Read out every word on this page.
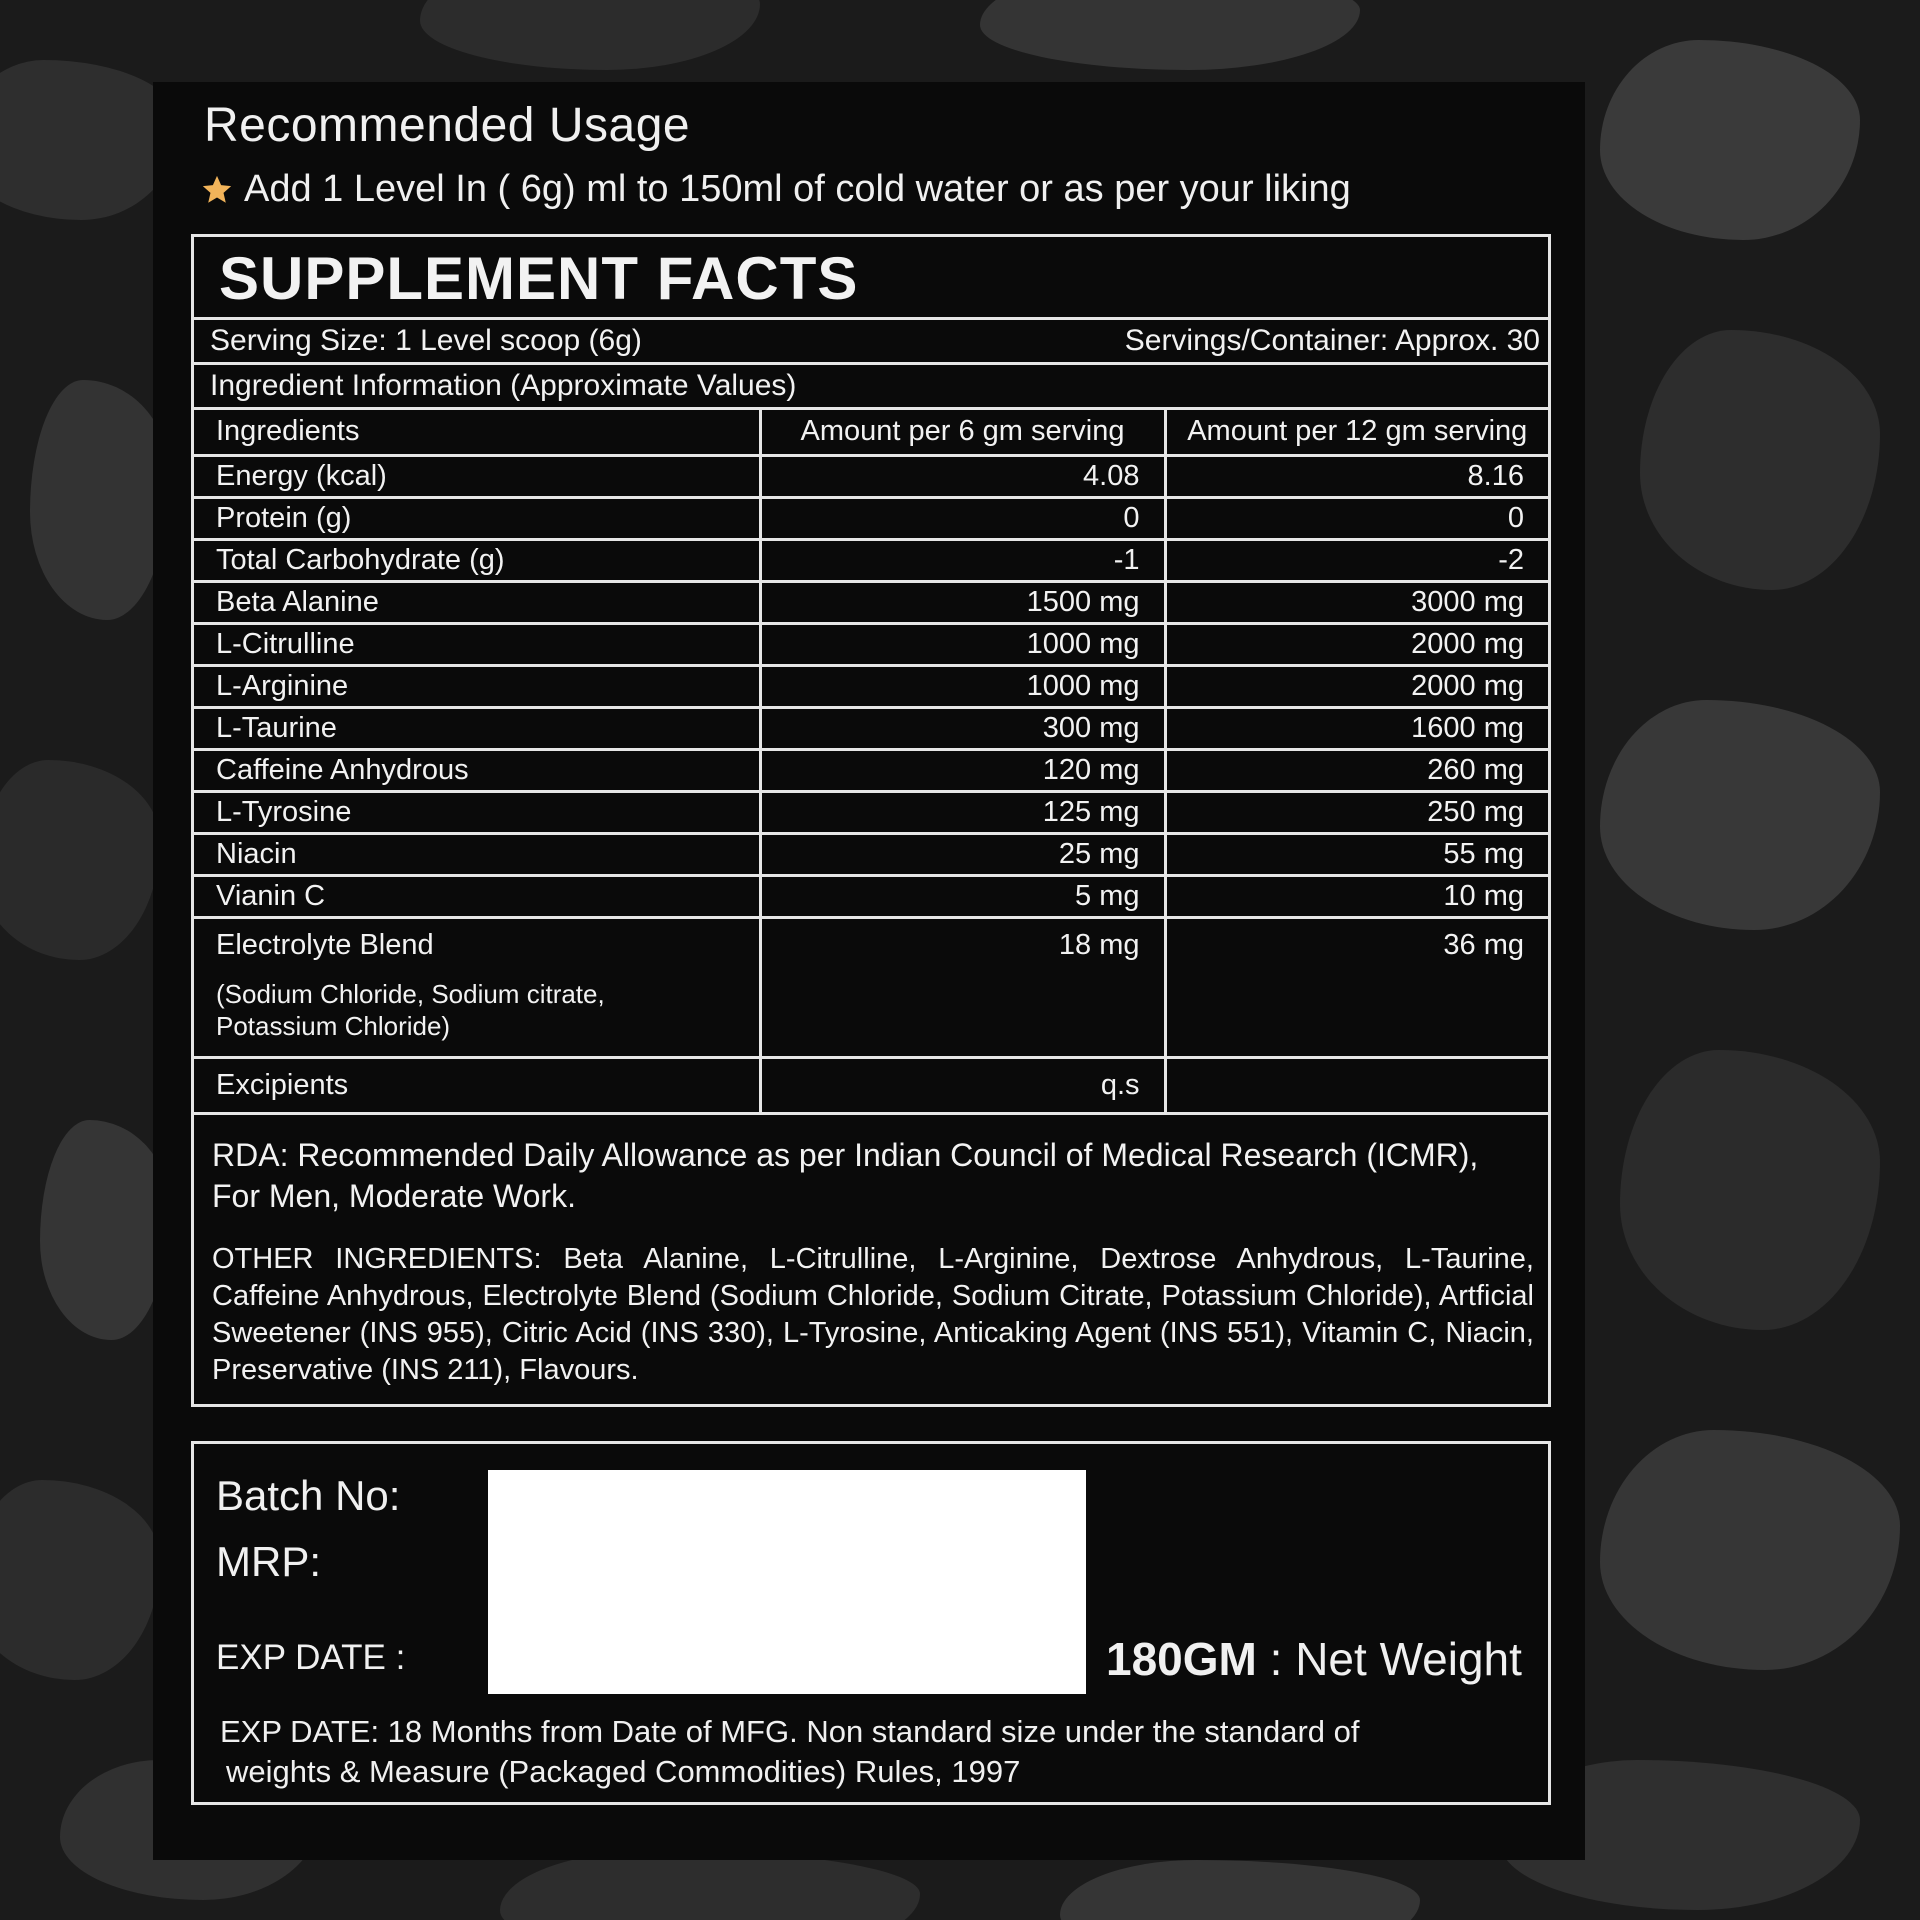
Recommended Usage
Add 1 Level In ( 6g) ml to 150ml of cold water or as per your liking
SUPPLEMENT FACTS
Serving Size: 1 Level scoop (6g)	Servings/Container: Approx. 30
Ingredient Information (Approximate Values)
Ingredients	Amount per 6 gm serving	Amount per 12 gm serving
Energy (kcal)	4.08	8.16
Protein (g)	0	0
Total Carbohydrate (g)	-1	-2
Beta Alanine	1500 mg	3000 mg
L-Citrulline	1000 mg	2000 mg
L-Arginine	1000 mg	2000 mg
L-Taurine	300 mg	1600 mg
Caffeine Anhydrous	120 mg	260 mg
L-Tyrosine	125 mg	250 mg
Niacin	25 mg	55 mg
Vianin C	5 mg	10 mg

Electrolyte Blend
(Sodium Chloride, Sodium citrate,
Potassium Chloride)	18 mg	36 mg
Excipients	q.s	
RDA: Recommended Daily Allowance as per Indian Council of Medical Research (ICMR), For Men, Moderate Work.
OTHER INGREDIENTS: Beta Alanine, L-Citrulline, L-Arginine, Dextrose Anhydrous, L-Taurine, Caffeine Anhydrous, Electrolyte Blend (Sodium Chloride, Sodium Citrate, Potassium Chloride), Artficial Sweetener (INS 955), Citric Acid (INS 330), L-Tyrosine, Anticaking Agent (INS 551), Vitamin C, Niacin, Preservative (INS 211), Flavours.
Batch No:
MRP:
EXP DATE :	180GM : Net Weight
EXP DATE: 18 Months from Date of MFG. Non standard size under the standard of
weights & Measure (Packaged Commodities) Rules, 1997
